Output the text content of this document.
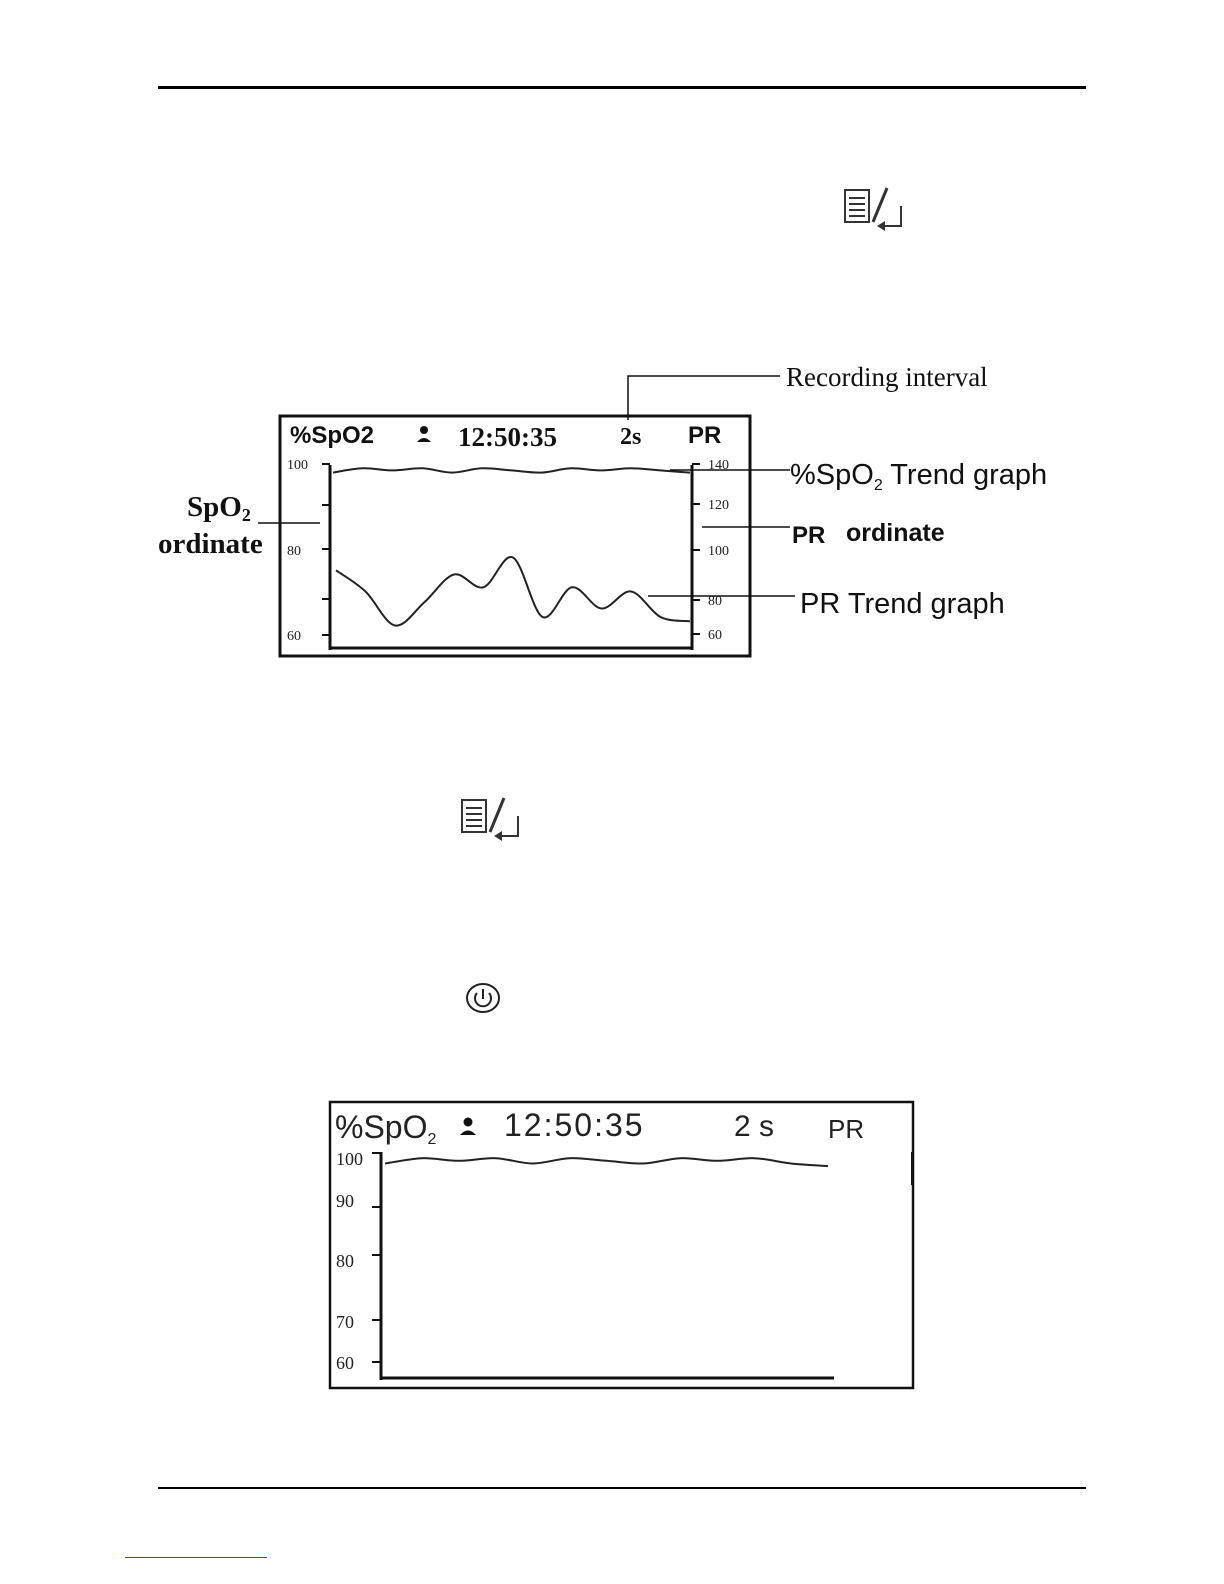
%SpO2	12:50:35	2s PR
100
80
60
140
120
100
80
60
Recording interval
%SpO$_2$ Trend graph
SpO2
ordinate	PR ordinate
PR Trend graph
%SpO2 12:50:35	2 s PR
100
90
80
70
60
